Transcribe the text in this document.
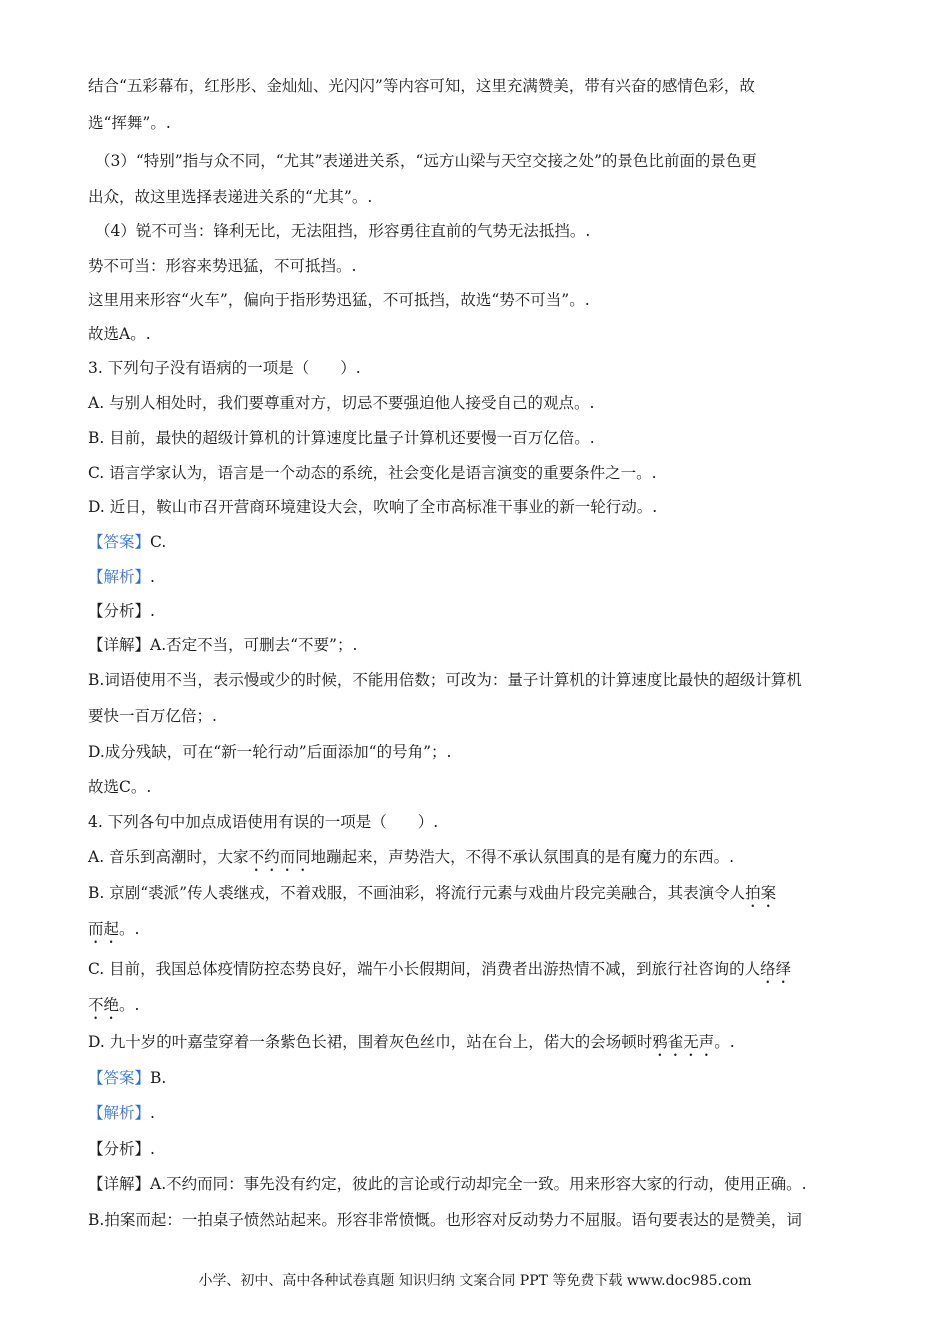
结合“五彩幕布，红彤彤、金灿灿、光闪闪”等内容可知，这里充满赞美，带有兴奋的感情色彩，故
选“挥舞”。.
（3）“特别”指与众不同，“尤其”表递进关系，“远方山梁与天空交接之处”的景色比前面的景色更
出众，故这里选择表递进关系的“尤其”。.
（4）锐不可当：锋利无比，无法阻挡，形容勇往直前的气势无法抵挡。.
势不可当：形容来势迅猛，不可抵挡。.
这里用来形容“火车”，偏向于指形势迅猛，不可抵挡，故选“势不可当”。.
故选A。.
3. 下列句子没有语病的一项是（　　）.
A. 与别人相处时，我们要尊重对方，切忌不要强迫他人接受自己的观点。.
B. 目前，最快的超级计算机的计算速度比量子计算机还要慢一百万亿倍。.
C. 语言学家认为，语言是一个动态的系统，社会变化是语言演变的重要条件之一。.
D. 近日，鞍山市召开营商环境建设大会，吹响了全市高标准干事业的新一轮行动。.
【答案】C.
【解析】.
【分析】.
【详解】A.否定不当，可删去“不要”；.
B.词语使用不当，表示慢或少的时候，不能用倍数；可改为：量子计算机的计算速度比最快的超级计算机
要快一百万亿倍；.
D.成分残缺，可在“新一轮行动”后面添加“的号角”；.
故选C。.
4. 下列各句中加点成语使用有误的一项是（　　）.
A. 音乐到高潮时，大家不约而同地蹦起来，声势浩大，不得不承认氛围真的是有魔力的东西。.
B. 京剧“裘派”传人裘继戎，不着戏服，不画油彩，将流行元素与戏曲片段完美融合，其表演令人拍案
而起。.
C. 目前，我国总体疫情防控态势良好，端午小长假期间，消费者出游热情不减，到旅行社咨询的人络绎
不绝。.
D. 九十岁的叶嘉莹穿着一条紫色长裙，围着灰色丝巾，站在台上，偌大的会场顿时鸦雀无声。.
【答案】B.
【解析】.
【分析】.
【详解】A.不约而同：事先没有约定，彼此的言论或行动却完全一致。用来形容大家的行动，使用正确。.
B.拍案而起：一拍桌子愤然站起来。形容非常愤慨。也形容对反动势力不屈服。语句要表达的是赞美，词
小学、初中、高中各种试卷真题 知识归纳 文案合同 PPT 等免费下载 www.doc985.com
